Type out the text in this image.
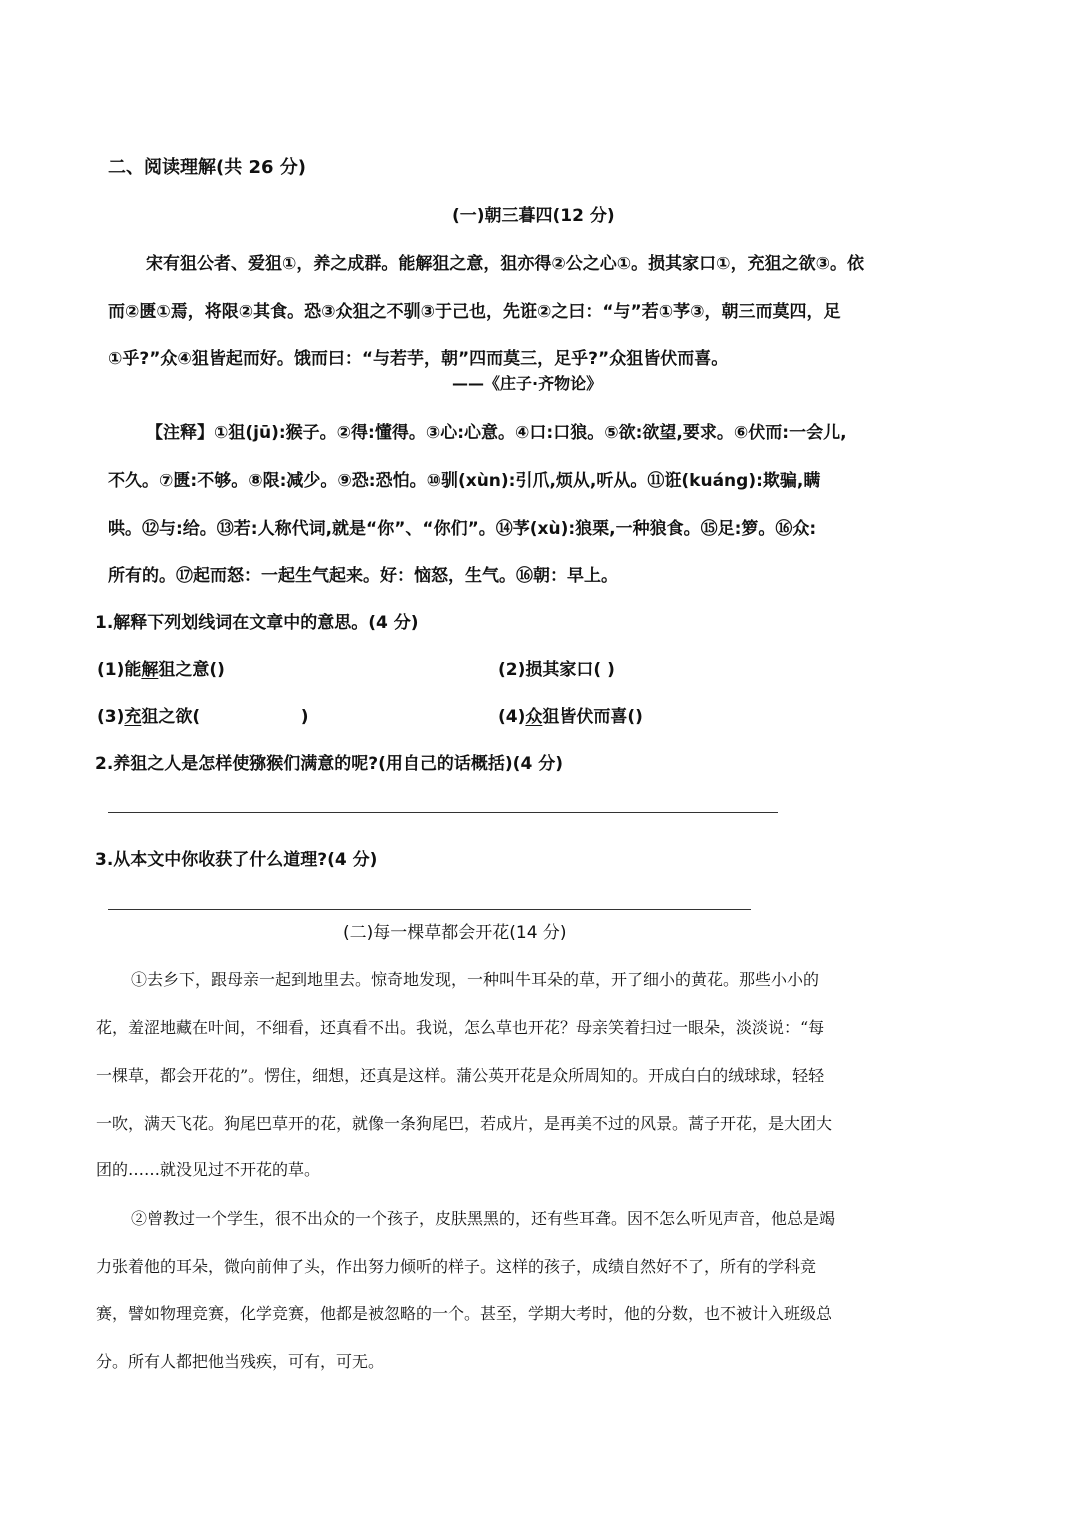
二、阅读理解(共 26 分)
(一)朝三暮四(12 分)
宋有狙公者、爱狙①，养之成群。能解狙之意，狙亦得②公之心①。损其家口①，充狙之欲③。依
而②匮①焉，将限②其食。恐③众狙之不驯③于己也，先诳②之曰：“与”若①芧③，朝三而莫四，足
①乎?”众④狙皆起而好。饿而曰：“与若芋，朝”四而莫三，足乎?”众狙皆伏而喜。
——《庄子·齐物论》
【注释】①狙(jū):猴子。②得:懂得。③心:心意。④口:口狼。⑤欲:欲望,要求。⑥伏而:一会儿,
不久。⑦匮:不够。⑧限:减少。⑨恐:恐怕。⑩驯(xùn):引爪,烦从,听从。⑪诳(kuáng):欺骗,瞒
哄。⑫与:给。⑬若:人称代词,就是“你”、“你们”。⑭芧(xù):狼栗,一种狼食。⑮足:箩。⑯众:
所有的。⑰起而怒：一起生气起来。好：恼怒，生气。⑯朝：早上。
1.解释下列划线词在文章中的意思。(4 分)
(1)能解狙之意()	(2)损其家口( )
(3)充狙之欲(                 )	(4)众狙皆伏而喜()
2.养狙之人是怎样使猕猴们满意的呢?(用自己的话概括)(4 分)
3.从本文中你收获了什么道理?(4 分)
(二)每一棵草都会开花(14 分)
①去乡下，跟母亲一起到地里去。惊奇地发现，一种叫牛耳朵的草，开了细小的黄花。那些小小的
花，羞涩地藏在叶间，不细看，还真看不出。我说，怎么草也开花？母亲笑着扫过一眼朵，淡淡说：“每
一棵草，都会开花的”。愣住，细想，还真是这样。蒲公英开花是众所周知的。开成白白的绒球球，轻轻
一吹，满天飞花。狗尾巴草开的花，就像一条狗尾巴，若成片，是再美不过的风景。蒿子开花，是大团大
团的……就没见过不开花的草。
②曾教过一个学生，很不出众的一个孩子，皮肤黑黑的，还有些耳聋。因不怎么听见声音，他总是竭
力张着他的耳朵，微向前伸了头，作出努力倾听的样子。这样的孩子，成绩自然好不了，所有的学科竞
赛，譬如物理竞赛，化学竞赛，他都是被忽略的一个。甚至，学期大考时，他的分数，也不被计入班级总
分。所有人都把他当残疾，可有，可无。
